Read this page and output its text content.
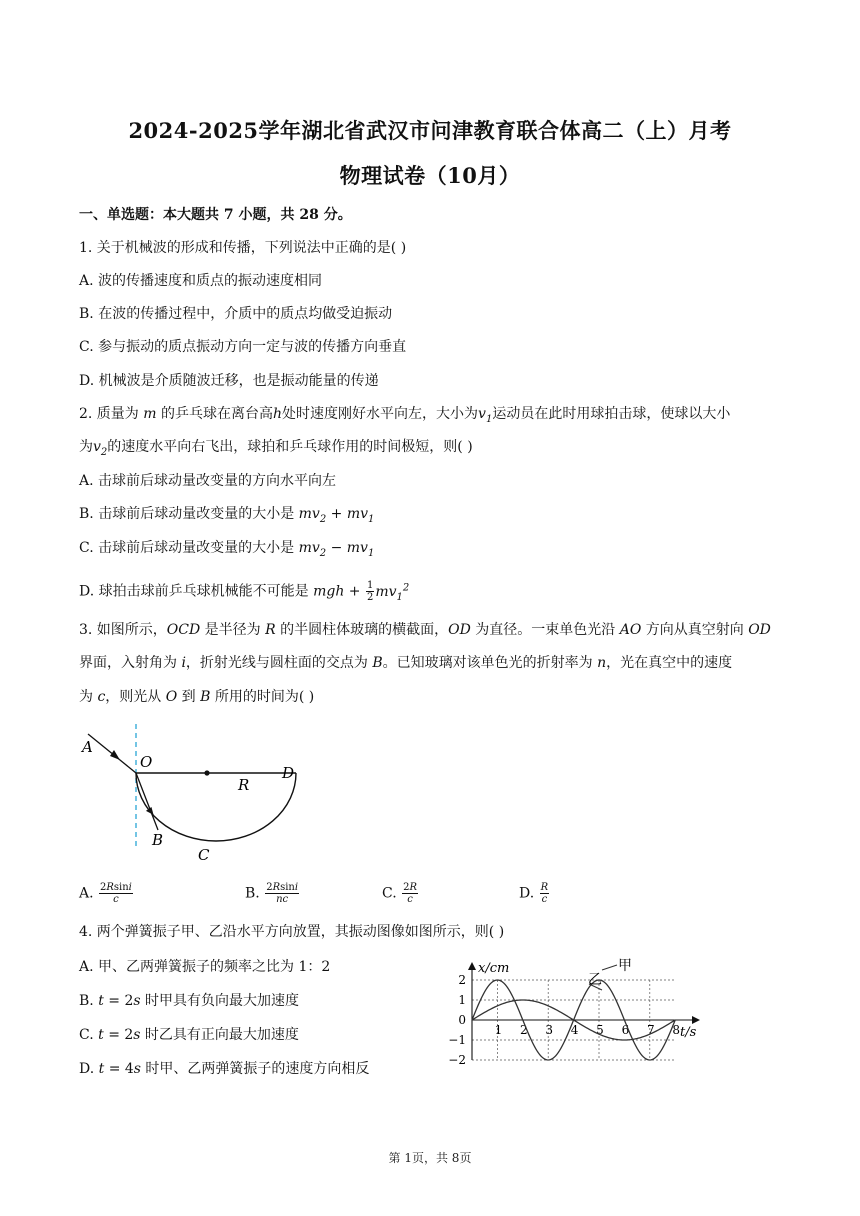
2024-2025学年湖北省武汉市问津教育联合体高二（上）月考
物理试卷（10月）
一、单选题：本大题共 7 小题，共 28 分。
1. 关于机械波的形成和传播，下列说法中正确的是( )
A. 波的传播速度和质点的振动速度相同
B. 在波的传播过程中，介质中的质点均做受迫振动
C. 参与振动的质点振动方向一定与波的传播方向垂直
D. 机械波是介质随波迁移，也是振动能量的传递
2. 质量为 m 的乒乓球在离台高h处时速度刚好水平向左，大小为$v_1$运动员在此时用球拍击球，使球以大小
为$v_2$的速度水平向右飞出，球拍和乒乓球作用的时间极短，则( )
A. 击球前后球动量改变量的方向水平向左
B. 击球前后球动量改变量的大小是 $mv_2 + mv_1$
C. 击球前后球动量改变量的大小是 $mv_2 - mv_1$
D. 球拍击球前乒乓球机械能不可能是 mgh + $\frac{1}{2} mv_1^2$
3. 如图所示，𝑂𝐶𝐷 是半径为 𝑅 的半圆柱体玻璃的横截面，𝑂𝐷 为直径。一束单色光沿 𝐴𝑂 方向从真空射向 𝑂𝐷
界面，入射角为 𝑖，折射光线与圆柱面的交点为 𝐵。已知玻璃对该单色光的折射率为 𝑛，光在真空中的速度
为 𝑐，则光从 𝑂 到 𝐵 所用的时间为( )
A
O
R
D
B
C
A. $\frac{\text{2𝑅sin𝑖}}{\text{𝑐}}$	B. $\frac{\text{2𝑅sin𝑖}}{\text{𝑛𝑐}}$	C. $\frac{\text{2𝑅}}{\text{𝑐}}$	D. $\frac{\text{𝑅}}{\text{𝑐}}$
4. 两个弹簧振子甲、乙沿水平方向放置，其振动图像如图所示，则( )
A. 甲、乙两弹簧振子的频率之比为 1：2
B. 𝑡 = 2𝑠 时甲具有负向最大加速度
C. 𝑡 = 2𝑠 时乙具有正向最大加速度
D. 𝑡 = 4𝑠 时甲、乙两弹簧振子的速度方向相反
x/cm
t/s
2
1
0
−1
−2
1 2 3 4 5 6 7 8
乙
甲
第 1页，共 8页
